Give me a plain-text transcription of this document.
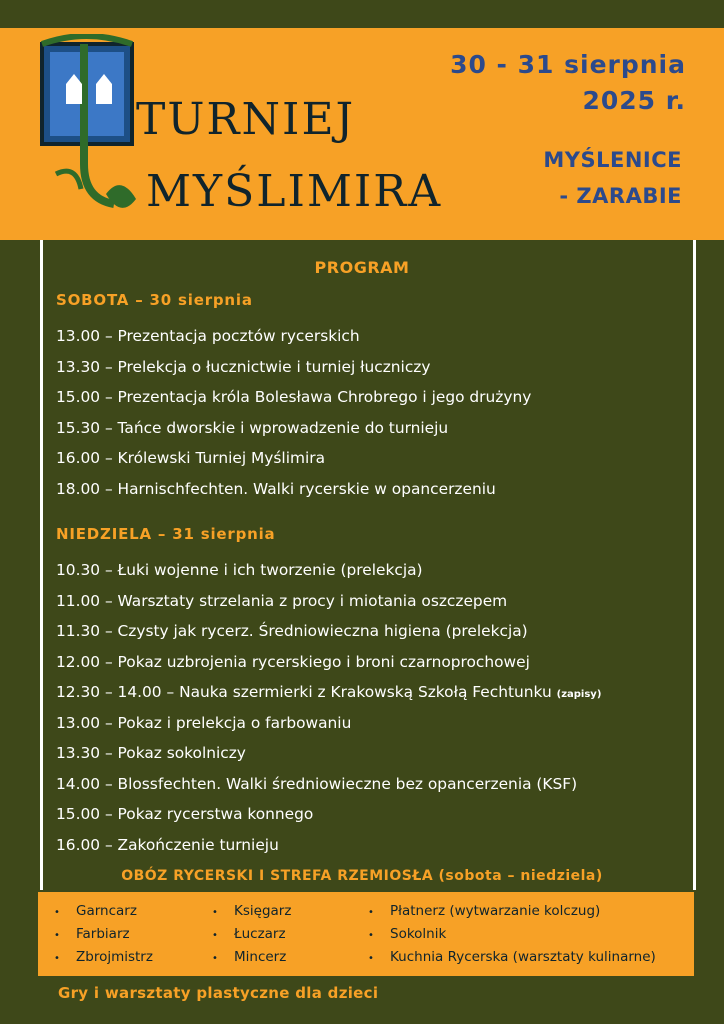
30 - 31 sierpnia
2025 r.
MYŚLENICE
- ZARABIE
TURNIEJ
MYŚLIMIRA
PROGRAM
SOBOTA – 30 sierpnia
13.00 – Prezentacja pocztów rycerskich
13.30 – Prelekcja o łucznictwie i turniej łuczniczy
15.00 – Prezentacja króla Bolesława Chrobrego i jego drużyny
15.30 – Tańce dworskie i wprowadzenie do turnieju
16.00 – Królewski Turniej Myślimira
18.00 – Harnischfechten. Walki rycerskie w opancerzeniu
NIEDZIELA – 31 sierpnia
10.30 – Łuki wojenne i ich tworzenie (prelekcja)
11.00 – Warsztaty strzelania z procy i miotania oszczepem
11.30 – Czysty jak rycerz. Średniowieczna higiena (prelekcja)
12.00 – Pokaz uzbrojenia rycerskiego i broni czarnoprochowej
12.30 – 14.00 – Nauka szermierki z Krakowską Szkołą Fechtunku (zapisy)
13.00 – Pokaz i prelekcja o farbowaniu
13.30 – Pokaz sokolniczy
14.00 – Blossfechten. Walki średniowieczne bez opancerzenia (KSF)
15.00 – Pokaz rycerstwa konnego
16.00 – Zakończenie turnieju
OBÓZ RYCERSKI I STREFA RZEMIOSŁA (sobota – niedziela)
• Garncarz
• Farbiarz
• Zbrojmistrz
• Księgarz
• Łuczarz
• Mincerz
• Płatnerz (wytwarzanie kolczug)
• Sokolnik
• Kuchnia Rycerska (warsztaty kulinarne)
Gry i warsztaty plastyczne dla dzieci
